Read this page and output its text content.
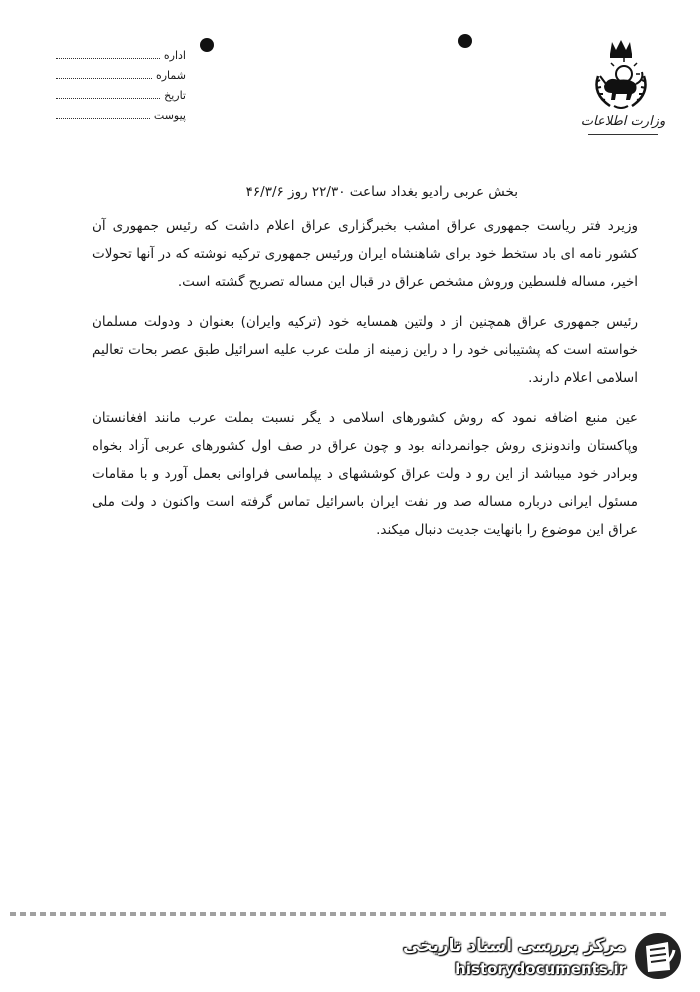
وزارت اطلاعات
اداره
شماره
تاریخ
پیوست

بخش عربی رادیو بغداد ساعت ۲۲/۳۰ روز ۴۶/۳/۶

وزیرد فتر ریاست جمهوری عراق امشب بخبرگزاری عراق اعلام داشت که رئیس جمهوری آن کشور نامه ای باد ستخط خود برای شاهنشاه ایران ورئیس جمهوری ترکیه نوشته که در آنها تحولات اخیر، مساله فلسطین وروش مشخص عراق در قبال این مساله تصریح گشته است.

رئیس جمهوری عراق همچنین از د ولتین همسایه خود (ترکیه وایران) بعنوان د ودولت مسلمان خواسته است که پشتیبانی خود را د راین زمینه از ملت عرب علیه اسرائیل طبق عصر بحات تعالیم اسلامی اعلام دارند.

عین منبع اضافه نمود که روش کشورهای اسلامی د یگر نسبت بملت عرب مانند افغانستان وپاکستان واندونزی روش جوانمردانه بود و چون عراق در صف اول کشورهای عربی آزاد بخواه وبرادر خود میباشد از این رو د ولت عراق کوششهای د یپلماسی فراوانی بعمل آورد و با مقامات مسئول ایرانی درباره مساله صد ور نفت ایران باسرائیل تماس گرفته است واکنون د ولت ملی عراق این موضوع را بانهایت جدیت دنبال میکند.

مرکز بررسی اسناد تاریخی
historydocuments.ir
